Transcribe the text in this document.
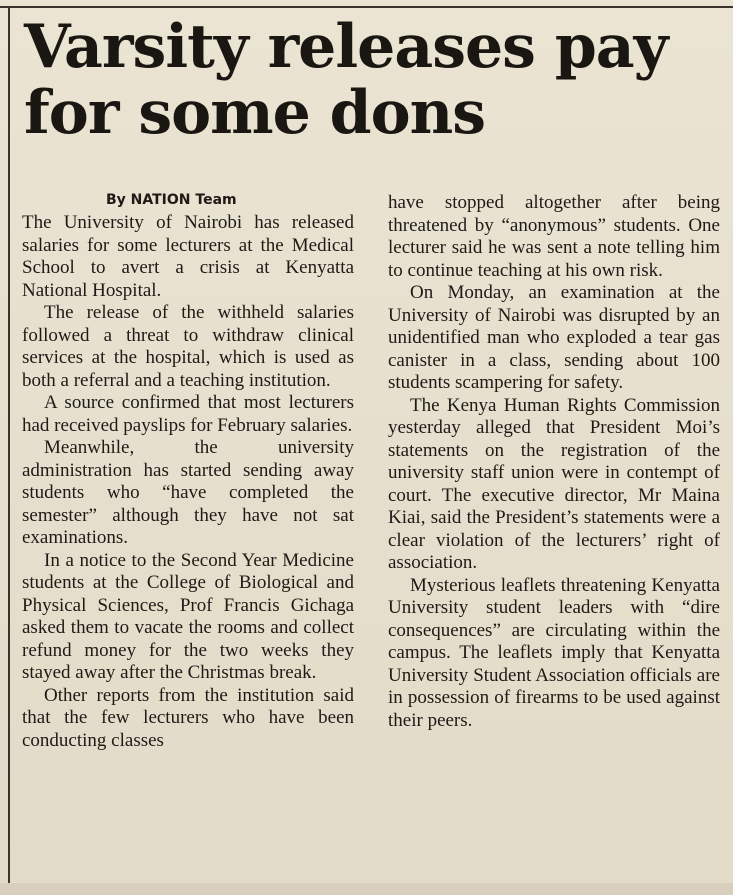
Varsity releases pay for some dons
By NATION Team

The University of Nairobi has released salaries for some lecturers at the Medical School to avert a crisis at Kenyatta National Hospital.

The release of the withheld salaries followed a threat to withdraw clinical services at the hospital, which is used as both a referral and a teaching institution.

A source confirmed that most lecturers had received payslips for February salaries.

Meanwhile, the university administration has started sending away students who “have completed the semester” although they have not sat examinations.

In a notice to the Second Year Medicine students at the College of Biological and Physical Sciences, Prof Francis Gichaga asked them to vacate the rooms and collect refund money for the two weeks they stayed away after the Christmas break.

Other reports from the institution said that the few lecturers who have been conducting classes

have stopped altogether after being threatened by “anonymous” students. One lecturer said he was sent a note telling him to continue teaching at his own risk.

On Monday, an examination at the University of Nairobi was disrupted by an unidentified man who exploded a tear gas canister in a class, sending about 100 students scampering for safety.

The Kenya Human Rights Commission yesterday alleged that President Moi’s statements on the registration of the university staff union were in contempt of court. The executive director, Mr Maina Kiai, said the President’s statements were a clear violation of the lecturers’ right of association.

Mysterious leaflets threatening Kenyatta University student leaders with “dire consequences” are circulating within the campus. The leaflets imply that Kenyatta University Student Association officials are in possession of firearms to be used against their peers.
